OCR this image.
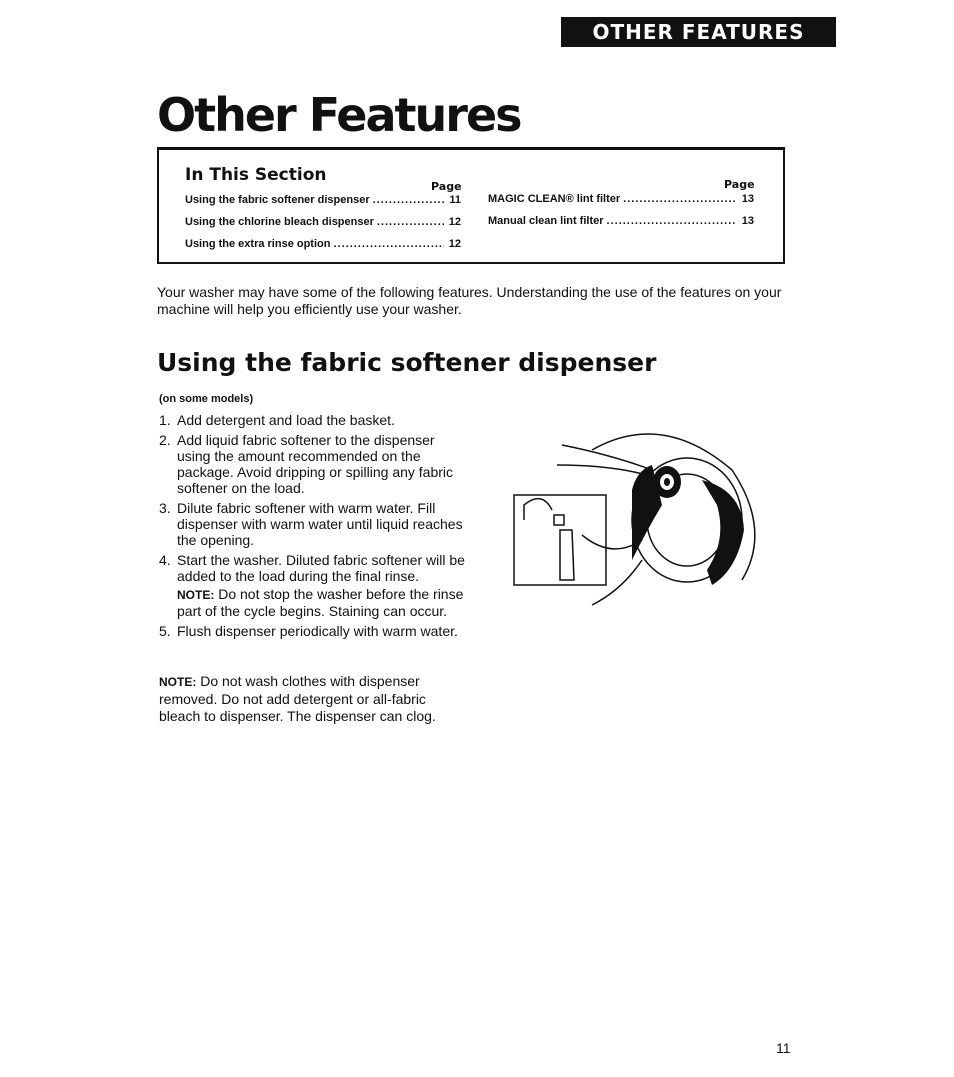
OTHER FEATURES
Other Features
In This Section
Page	Page
Using the fabric softener dispenser .....	11
Using the chlorine bleach dispenser .....	12
Using the extra rinse option .....	12
MAGIC CLEAN® lint filter .....	13
Manual clean lint filter .....	13

Your washer may have some of the following features. Understanding the use of the features on your machine will help you efficiently use your washer.

Using the fabric softener dispenser
(on some models)
1. Add detergent and load the basket.
2. Add liquid fabric softener to the dispenser using the amount recommended on the package. Avoid dripping or spilling any fabric softener on the load.
3. Dilute fabric softener with warm water. Fill dispenser with warm water until liquid reaches the opening.
4. Start the washer. Diluted fabric softener will be added to the load during the final rinse.
NOTE: Do not stop the washer before the rinse part of the cycle begins. Staining can occur.
5. Flush dispenser periodically with warm water.

NOTE: Do not wash clothes with dispenser removed. Do not add detergent or all-fabric bleach to dispenser. The dispenser can clog.

11
